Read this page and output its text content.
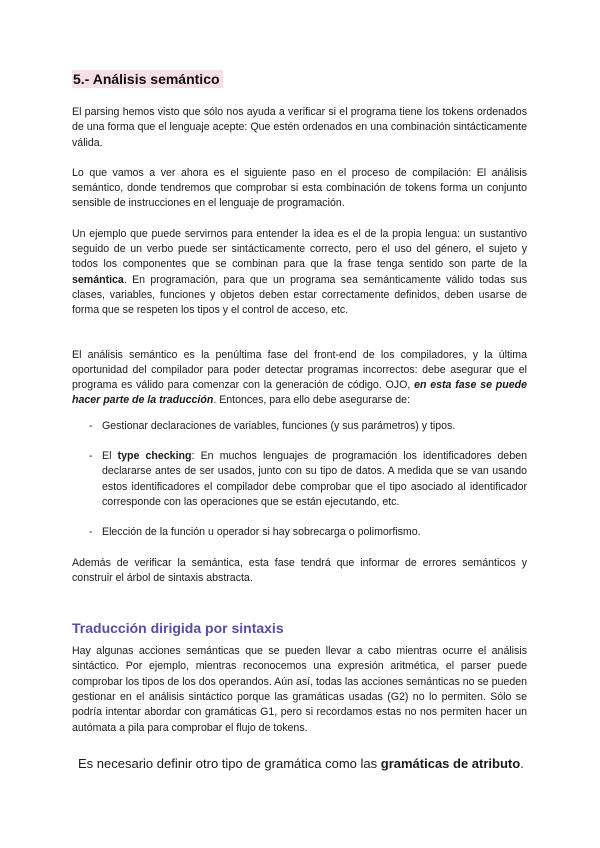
5.- Análisis semántico

El parsing hemos visto que sólo nos ayuda a verificar si el programa tiene los tokens ordenados de una forma que el lenguaje acepte: Que estén ordenados en una combinación sintácticamente válida.

Lo que vamos a ver ahora es el siguiente paso en el proceso de compilación: El análisis semántico, donde tendremos que comprobar si esta combinación de tokens forma un conjunto sensible de instrucciones en el lenguaje de programación.

Un ejemplo que puede servirnos para entender la idea es el de la propia lengua: un sustantivo seguido de un verbo puede ser sintácticamente correcto, pero el uso del género, el sujeto y todos los componentes que se combinan para que la frase tenga sentido son parte de la semántica. En programación, para que un programa sea semánticamente válido todas sus clases, variables, funciones y objetos deben estar correctamente definidos, deben usarse de forma que se respeten los tipos y el control de acceso, etc.

El análisis semántico es la penúltima fase del front-end de los compiladores, y la última oportunidad del compilador para poder detectar programas incorrectos: debe asegurar que el programa es válido para comenzar con la generación de código. OJO, en esta fase se puede hacer parte de la traducción. Entonces, para ello debe asegurarse de:

- Gestionar declaraciones de variables, funciones (y sus parámetros) y tipos.
- El type checking: En muchos lenguajes de programación los identificadores deben declararse antes de ser usados, junto con su tipo de datos. A medida que se van usando estos identificadores el compilador debe comprobar que el tipo asociado al identificador corresponde con las operaciones que se están ejecutando, etc.
- Elección de la función u operador si hay sobrecarga o polimorfismo.

Además de verificar la semántica, esta fase tendrá que informar de errores semánticos y construir el árbol de sintaxis abstracta.

Traducción dirigida por sintaxis

Hay algunas acciones semánticas que se pueden llevar a cabo mientras ocurre el análisis sintáctico. Por ejemplo, mientras reconocemos una expresión aritmética, el parser puede comprobar los tipos de los dos operandos. Aún así, todas las acciones semánticas no se pueden gestionar en el análisis sintáctico porque las gramáticas usadas (G2) no lo permiten. Sólo se podría intentar abordar con gramáticas G1, pero si recordamos estas no nos permiten hacer un autómata a pila para comprobar el flujo de tokens.

Es necesario definir otro tipo de gramática como las gramáticas de atributo.
